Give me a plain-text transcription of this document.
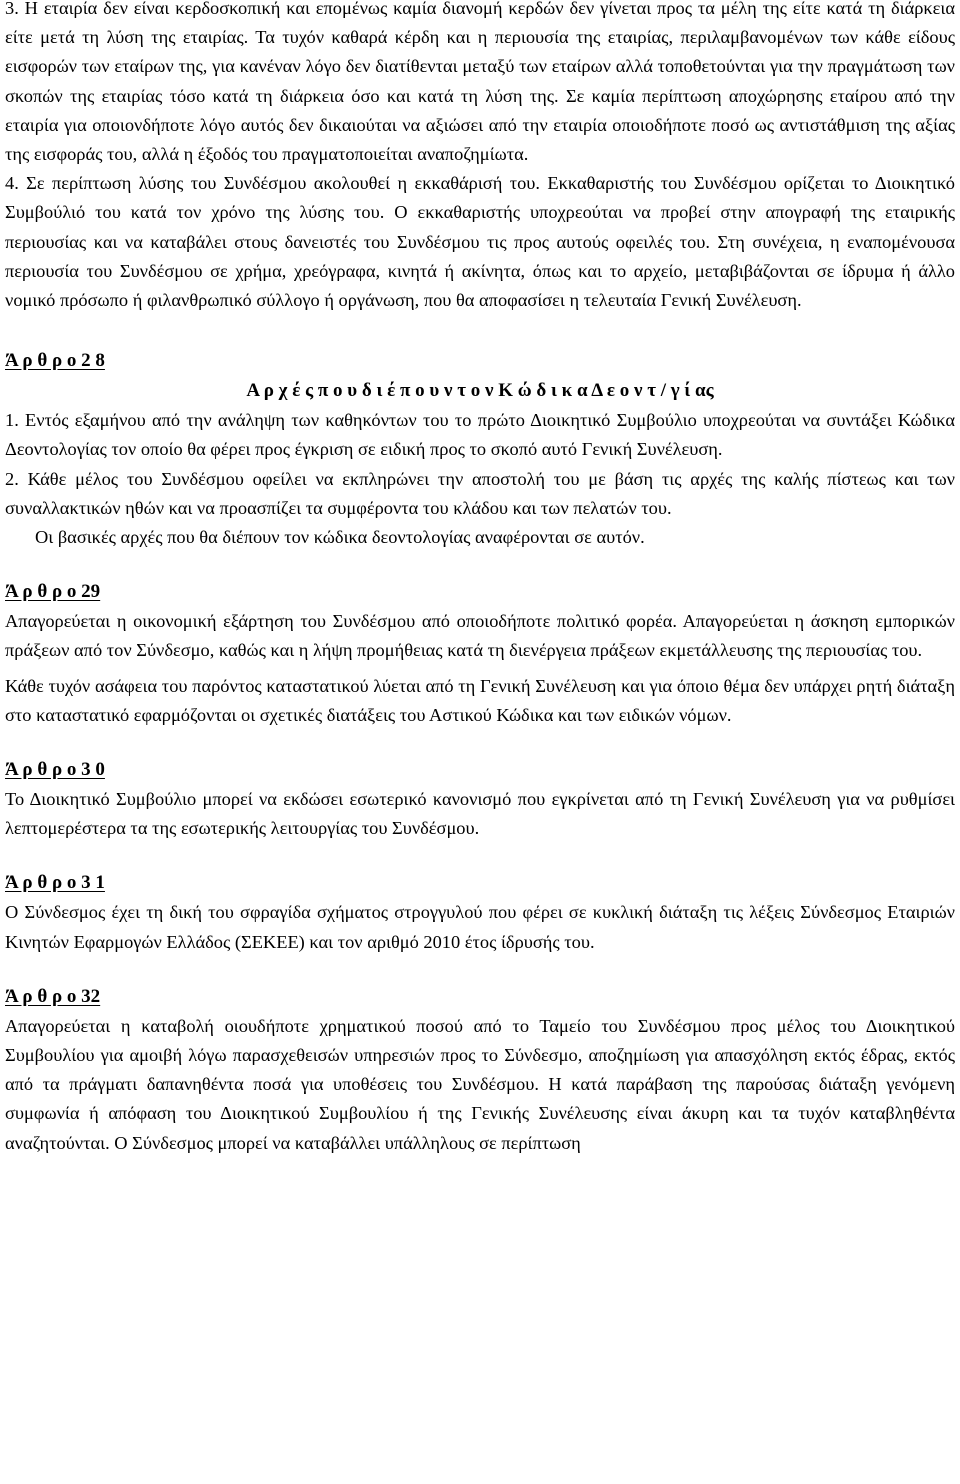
3. Η εταιρία δεν είναι κερδοσκοπική και επομένως καμία διανομή κερδών δεν γίνεται προς τα μέλη της είτε κατά τη διάρκεια είτε μετά τη λύση της εταιρίας. Τα τυχόν καθαρά κέρδη και η περιουσία της εταιρίας, περιλαμβανομένων των κάθε είδους εισφορών των εταίρων της, για κανέναν λόγο δεν διατίθενται μεταξύ των εταίρων αλλά τοποθετούνται για την πραγμάτωση των σκοπών της εταιρίας τόσο κατά τη διάρκεια όσο και κατά τη λύση της. Σε καμία περίπτωση αποχώρησης εταίρου από την εταιρία για οποιονδήποτε λόγο αυτός δεν δικαιούται να αξιώσει από την εταιρία οποιοδήποτε ποσό ως αντιστάθμιση της αξίας της εισφοράς του, αλλά η έξοδός του πραγματοποιείται αναποζημίωτα.

4. Σε περίπτωση λύσης του Συνδέσμου ακολουθεί η εκκαθάρισή του. Εκκαθαριστής του Συνδέσμου ορίζεται το Διοικητικό Συμβούλιό του κατά τον χρόνο της λύσης του. Ο εκκαθαριστής υποχρεούται να προβεί στην απογραφή της εταιρικής περιουσίας και να καταβάλει στους δανειστές του Συνδέσμου τις προς αυτούς οφειλές του. Στη συνέχεια, η εναπομένουσα περιουσία του Συνδέσμου σε χρήμα, χρεόγραφα, κινητά ή ακίνητα, όπως και το αρχείο, μεταβιβάζονται σε ίδρυμα ή άλλο νομικό πρόσωπο ή φιλανθρωπικό σύλλογο ή οργάνωση, που θα αποφασίσει η τελευταία Γενική Συνέλευση.

Ά ρ θ ρ ο 2 8

Α ρ χ έ ς π ο υ δ ι έ π ο υ ν τ ο ν Κ ώ δ ι κ α Δ ε ο ν τ / γ ί ας

1. Εντός εξαμήνου από την ανάληψη των καθηκόντων του το πρώτο Διοικητικό Συμβούλιο υποχρεούται να συντάξει Κώδικα Δεοντολογίας τον οποίο θα φέρει προς έγκριση σε ειδική προς το σκοπό αυτό Γενική Συνέλευση.

2. Κάθε μέλος του Συνδέσμου οφείλει να εκπληρώνει την αποστολή του με βάση τις αρχές της καλής πίστεως και των συναλλακτικών ηθών και να προασπίζει τα συμφέροντα του κλάδου και των πελατών του.

Οι βασικές αρχές που θα διέπουν τον κώδικα δεοντολογίας αναφέρονται σε αυτόν.

Ά ρ θ ρ ο 29

Απαγορεύεται η οικονομική εξάρτηση του Συνδέσμου από οποιοδήποτε πολιτικό φορέα. Απαγορεύεται η άσκηση εμπορικών πράξεων από τον Σύνδεσμο, καθώς και η λήψη προμήθειας κατά τη διενέργεια πράξεων εκμετάλλευσης της περιουσίας του.

Κάθε τυχόν ασάφεια του παρόντος καταστατικού λύεται από τη Γενική Συνέλευση και για όποιο θέμα δεν υπάρχει ρητή διάταξη στο καταστατικό εφαρμόζονται οι σχετικές διατάξεις του Αστικού Κώδικα και των ειδικών νόμων.

Ά ρ θ ρ ο 3 0

Το Διοικητικό Συμβούλιο μπορεί να εκδώσει εσωτερικό κανονισμό που εγκρίνεται από τη Γενική Συνέλευση για να ρυθμίσει λεπτομερέστερα τα της εσωτερικής λειτουργίας του Συνδέσμου.

Ά ρ θ ρ ο 3 1

Ο Σύνδεσμος έχει τη δική του σφραγίδα σχήματος στρογγυλού που φέρει σε κυκλική διάταξη τις λέξεις Σύνδεσμος Εταιριών Κινητών Εφαρμογών Ελλάδος (ΣΕΚΕΕ) και τον αριθμό 2010 έτος ίδρυσής του.

Ά ρ θ ρ ο 32

Απαγορεύεται η καταβολή οιουδήποτε χρηματικού ποσού από το Ταμείο του Συνδέσμου προς μέλος του Διοικητικού Συμβουλίου για αμοιβή λόγω παρασχεθεισών υπηρεσιών προς το Σύνδεσμο, αποζημίωση για απασχόληση εκτός έδρας, εκτός από τα πράγματι δαπανηθέντα ποσά για υποθέσεις του Συνδέσμου. Η κατά παράβαση της παρούσας διάταξη γενόμενη συμφωνία ή απόφαση του Διοικητικού Συμβουλίου ή της Γενικής Συνέλευσης είναι άκυρη και τα τυχόν καταβληθέντα αναζητούνται. Ο Σύνδεσμος μπορεί να καταβάλλει υπάλληλους σε περίπτωση
